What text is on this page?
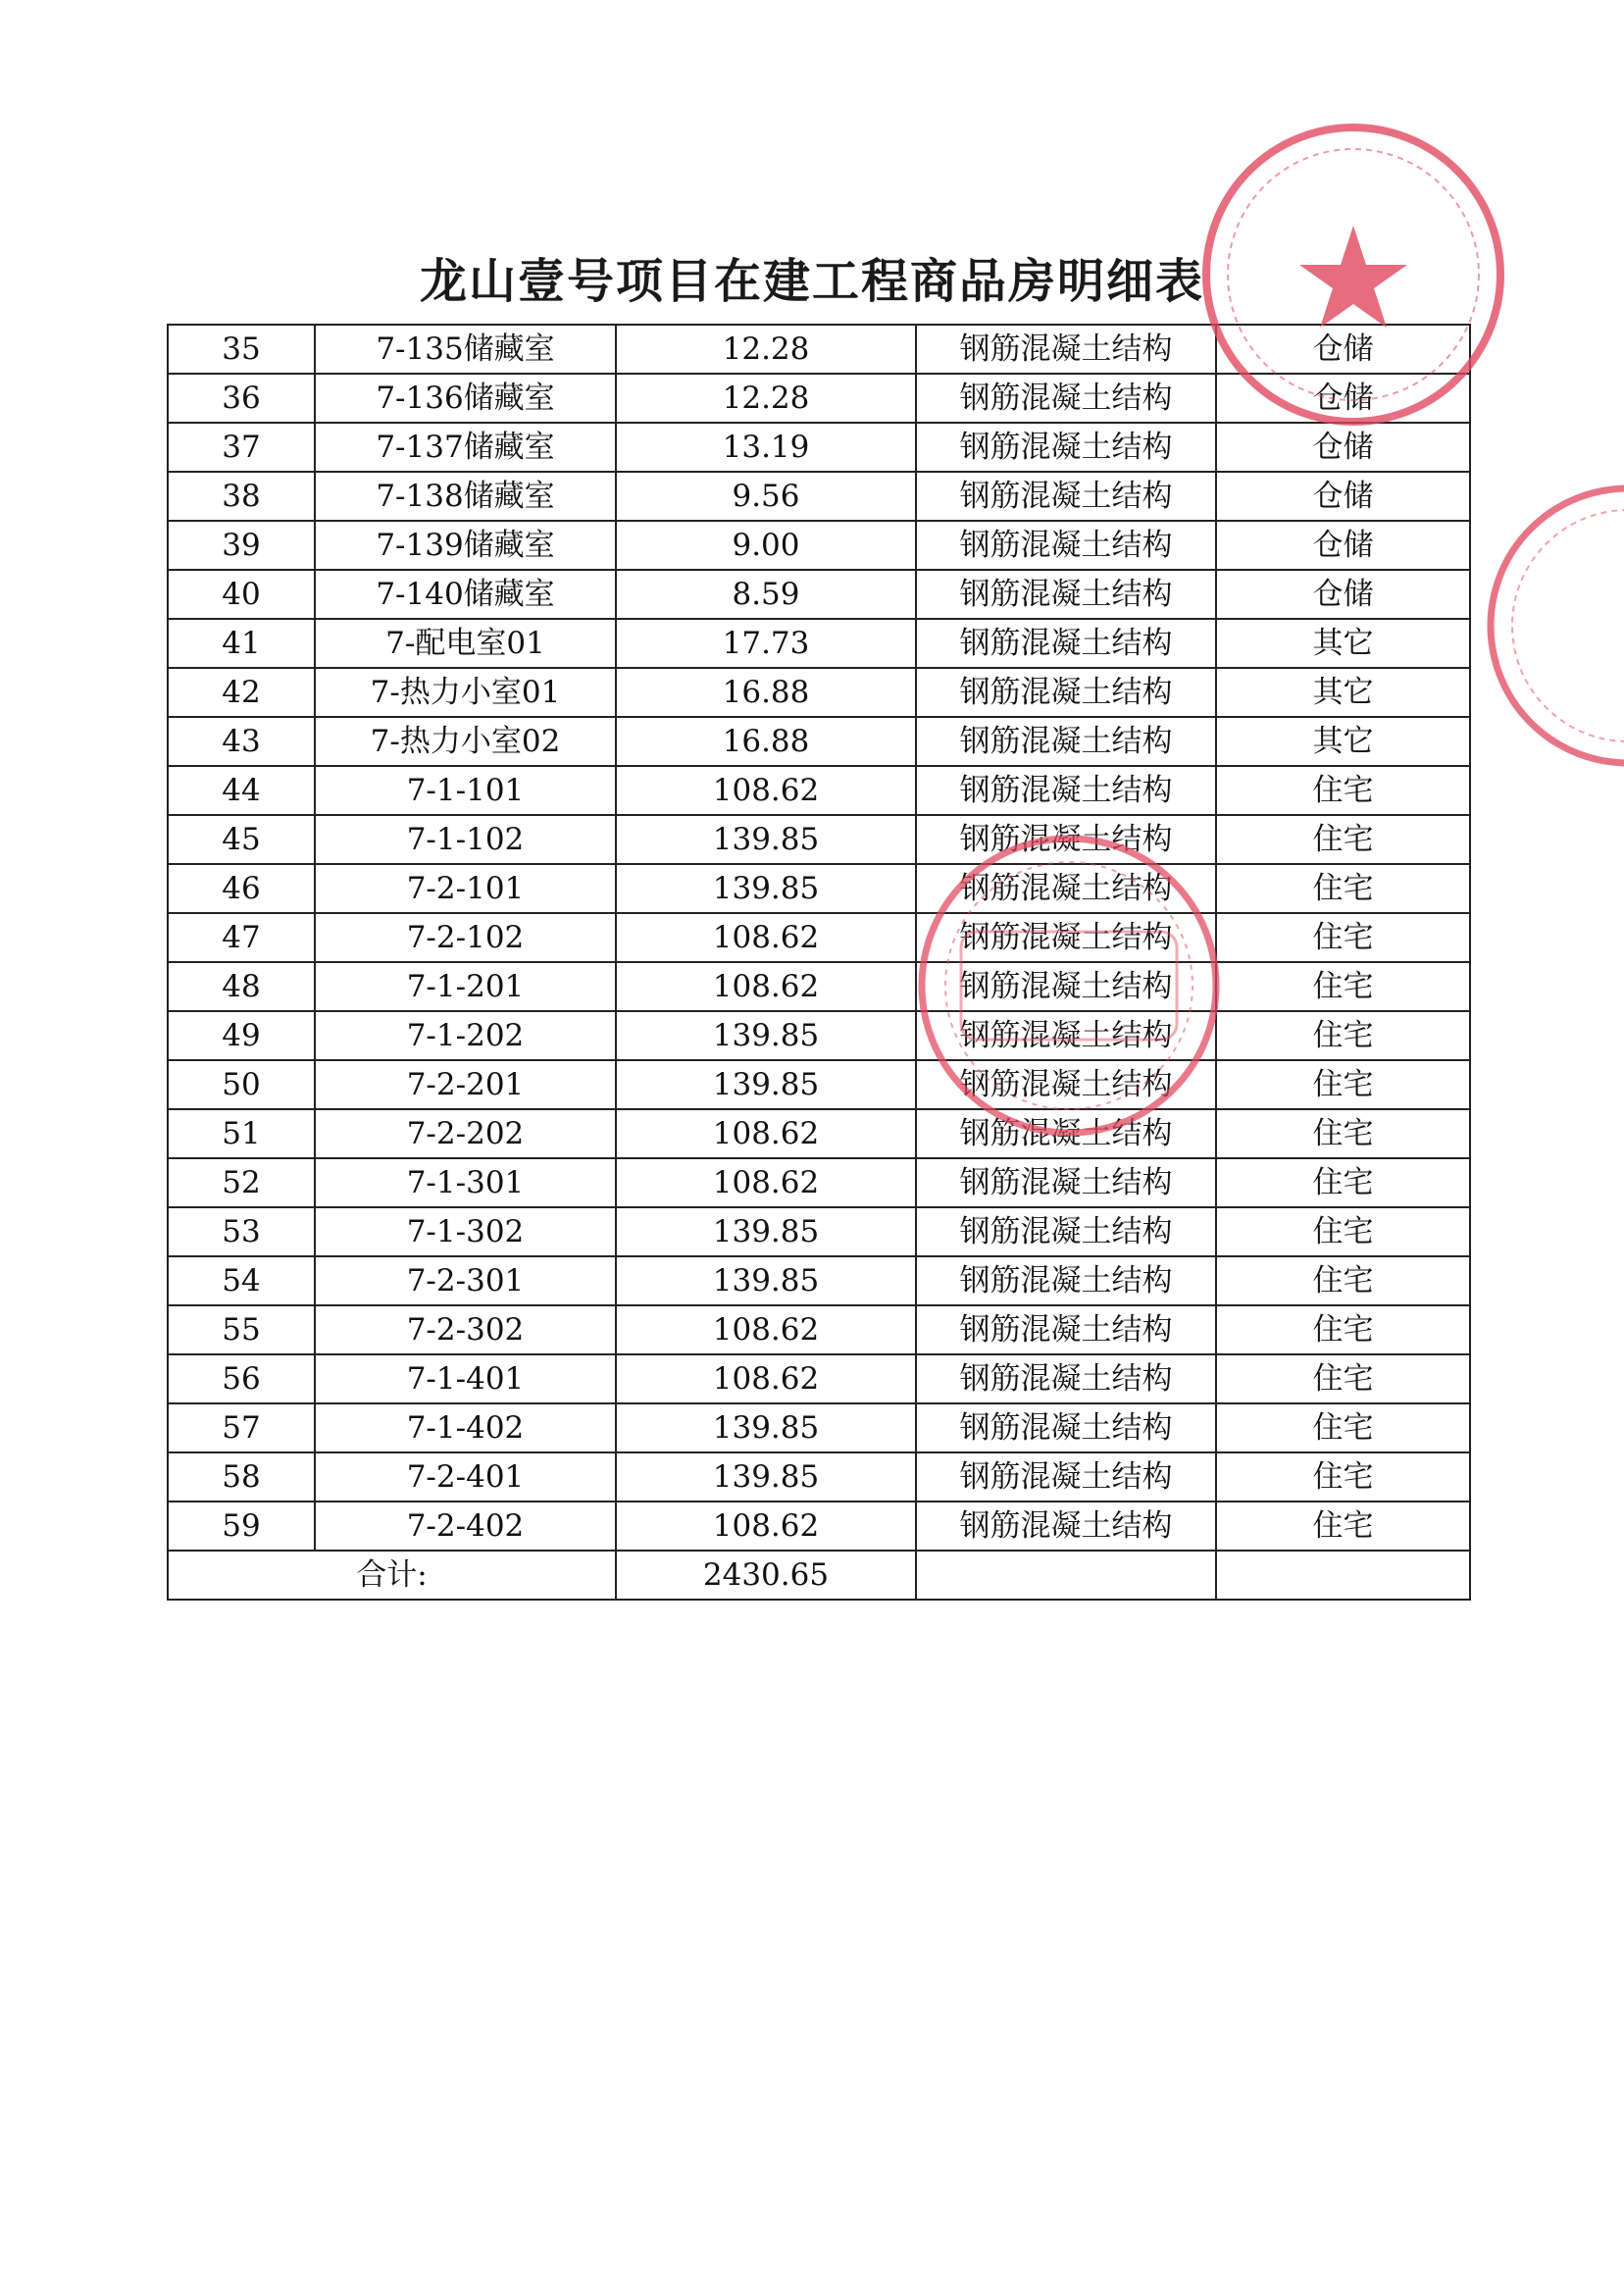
龙山壹号项目在建工程商品房明细表
35	7-135储藏室	12.28	钢筋混凝土结构	仓储
36	7-136储藏室	12.28	钢筋混凝土结构	仓储
37	7-137储藏室	13.19	钢筋混凝土结构	仓储
38	7-138储藏室	9.56	钢筋混凝土结构	仓储
39	7-139储藏室	9.00	钢筋混凝土结构	仓储
40	7-140储藏室	8.59	钢筋混凝土结构	仓储
41	7-配电室01	17.73	钢筋混凝土结构	其它
42	7-热力小室01	16.88	钢筋混凝土结构	其它
43	7-热力小室02	16.88	钢筋混凝土结构	其它
44	7-1-101	108.62	钢筋混凝土结构	住宅
45	7-1-102	139.85	钢筋混凝土结构	住宅
46	7-2-101	139.85	钢筋混凝土结构	住宅
47	7-2-102	108.62	钢筋混凝土结构	住宅
48	7-1-201	108.62	钢筋混凝土结构	住宅
49	7-1-202	139.85	钢筋混凝土结构	住宅
50	7-2-201	139.85	钢筋混凝土结构	住宅
51	7-2-202	108.62	钢筋混凝土结构	住宅
52	7-1-301	108.62	钢筋混凝土结构	住宅
53	7-1-302	139.85	钢筋混凝土结构	住宅
54	7-2-301	139.85	钢筋混凝土结构	住宅
55	7-2-302	108.62	钢筋混凝土结构	住宅
56	7-1-401	108.62	钢筋混凝土结构	住宅
57	7-1-402	139.85	钢筋混凝土结构	住宅
58	7-2-401	139.85	钢筋混凝土结构	住宅
59	7-2-402	108.62	钢筋混凝土结构	住宅
合计:		2430.65		
